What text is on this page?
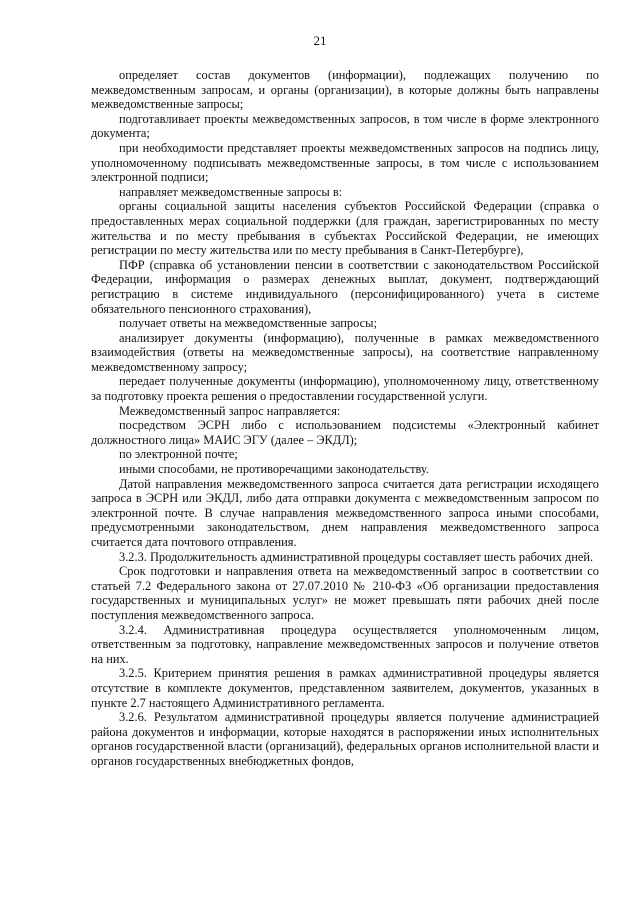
21

определяет состав документов (информации), подлежащих получению по межведомственным запросам, и органы (организации), в которые должны быть направлены межведомственные запросы;

подготавливает проекты межведомственных запросов, в том числе в форме электронного документа;

при необходимости представляет проекты межведомственных запросов на подпись лицу, уполномоченному подписывать межведомственные запросы, в том числе с использованием электронной подписи;

направляет межведомственные запросы в:

органы социальной защиты населения субъектов Российской Федерации (справка о предоставленных мерах социальной поддержки (для граждан, зарегистрированных по месту жительства и по месту пребывания в субъектах Российской Федерации, не имеющих регистрации по месту жительства или по месту пребывания в Санкт-Петербурге),

ПФР (справка об установлении пенсии в соответствии с законодательством Российской Федерации, информация о размерах денежных выплат, документ, подтверждающий регистрацию в системе индивидуального (персонифицированного) учета в системе обязательного пенсионного страхования),

получает ответы на межведомственные запросы;

анализирует документы (информацию), полученные в рамках межведомственного взаимодействия (ответы на межведомственные запросы), на соответствие направленному межведомственному запросу;

передает полученные документы (информацию), уполномоченному лицу, ответственному за подготовку проекта решения о предоставлении государственной услуги.

Межведомственный запрос направляется:

посредством ЭСРН либо с использованием подсистемы «Электронный кабинет должностного лица» МАИС ЭГУ (далее – ЭКДЛ);

по электронной почте;

иными способами, не противоречащими законодательству.

Датой направления межведомственного запроса считается дата регистрации исходящего запроса в ЭСРН или ЭКДЛ, либо дата отправки документа с межведомственным запросом по электронной почте. В случае направления межведомственного запроса иными способами, предусмотренными законодательством, днем направления межведомственного запроса считается дата почтового отправления.

3.2.3. Продолжительность административной процедуры составляет шесть рабочих дней.

Срок подготовки и направления ответа на межведомственный запрос в соответствии со статьей 7.2 Федерального закона от 27.07.2010 № 210-ФЗ «Об организации предоставления государственных и муниципальных услуг» не может превышать пяти рабочих дней после поступления межведомственного запроса.

3.2.4. Административная процедура осуществляется уполномоченным лицом, ответственным за подготовку, направление межведомственных запросов и получение ответов на них.

3.2.5. Критерием принятия решения в рамках административной процедуры является отсутствие в комплекте документов, представленном заявителем, документов, указанных в пункте 2.7 настоящего Административного регламента.

3.2.6. Результатом административной процедуры является получение администрацией района документов и информации, которые находятся в распоряжении иных исполнительных органов государственной власти (организаций), федеральных органов исполнительной власти и органов государственных внебюджетных фондов,
